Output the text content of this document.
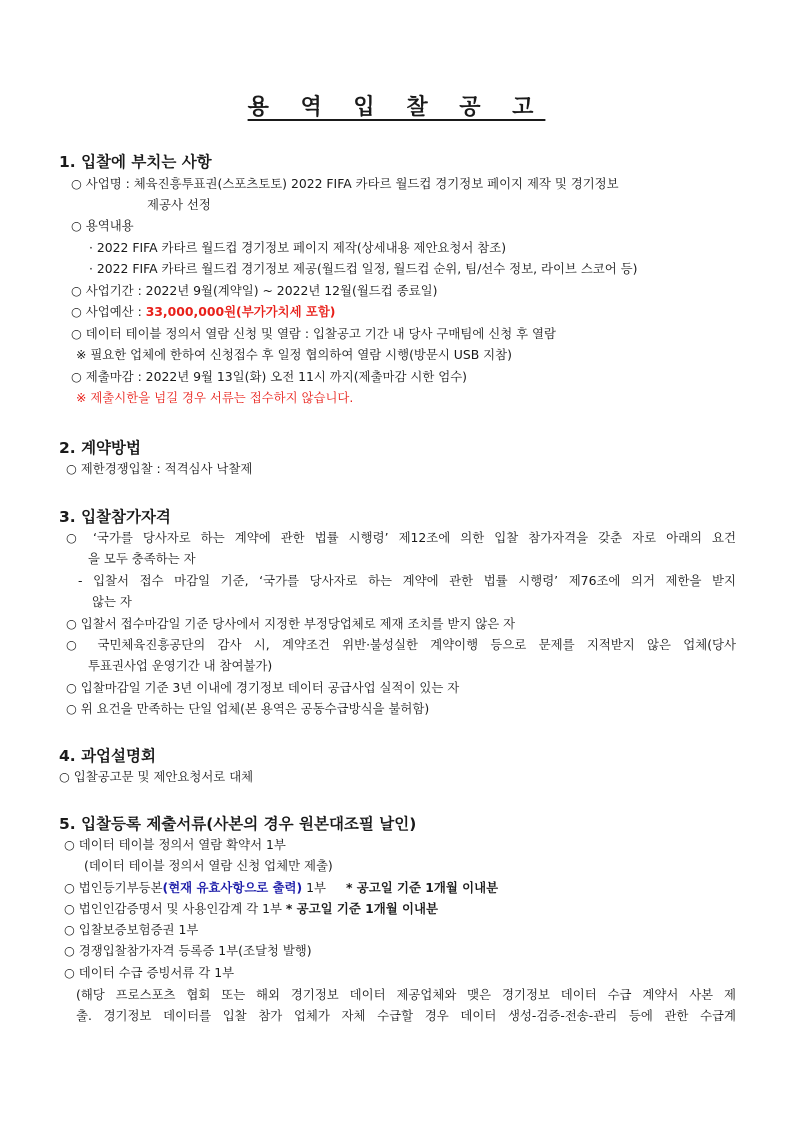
용 역 입 찰 공 고
1. 입찰에 부치는 사항
○ 사업명 : 체육진흥투표권(스포츠토토) 2022 FIFA 카타르 월드컵 경기정보 페이지 제작 및 경기정보
제공사 선정
○ 용역내용
· 2022 FIFA 카타르 월드컵 경기정보 페이지 제작(상세내용 제안요청서 참조)
· 2022 FIFA 카타르 월드컵 경기정보 제공(월드컵 일정, 월드컵 순위, 팀/선수 정보, 라이브 스코어 등)
○ 사업기간 : 2022년 9월(계약일) ~ 2022년 12월(월드컵 종료일)
○ 사업예산 : 33,000,000원(부가가치세 포함)
○ 데이터 테이블 정의서 열람 신청 및 열람 : 입찰공고 기간 내 당사 구매팀에 신청 후 열람
※ 필요한 업체에 한하여 신청접수 후 일정 협의하여 열람 시행(방문시 USB 지참)
○ 제출마감 : 2022년 9월 13일(화) 오전 11시 까지(제출마감 시한 엄수)
※ 제출시한을 넘길 경우 서류는 접수하지 않습니다.
2. 계약방법
○ 제한경쟁입찰 : 적격심사 낙찰제
3. 입찰참가자격
○ ‘국가를 당사자로 하는 계약에 관한 법률 시행령’ 제12조에 의한 입찰 참가자격을 갖춘 자로 아래의 요건
을 모두 충족하는 자
- 입찰서 접수 마감일 기준, ‘국가를 당사자로 하는 계약에 관한 법률 시행령’ 제76조에 의거 제한을 받지
않는 자
○ 입찰서 접수마감일 기준 당사에서 지정한 부정당업체로 제재 조치를 받지 않은 자
○ 국민체육진흥공단의 감사 시, 계약조건 위반·불성실한 계약이행 등으로 문제를 지적받지 않은 업체(당사
투표권사업 운영기간 내 참여불가)
○ 입찰마감일 기준 3년 이내에 경기정보 데이터 공급사업 실적이 있는 자
○ 위 요건을 만족하는 단일 업체(본 용역은 공동수급방식을 불허함)
4. 과업설명회
○ 입찰공고문 및 제안요청서로 대체
5. 입찰등록 제출서류(사본의 경우 원본대조필 날인)
○ 데이터 테이블 정의서 열람 확약서 1부
(데이터 테이블 정의서 열람 신청 업체만 제출)
○ 법인등기부등본(현재 유효사항으로 출력) 1부 * 공고일 기준 1개월 이내분
○ 법인인감증명서 및 사용인감계 각 1부 * 공고일 기준 1개월 이내분
○ 입찰보증보험증권 1부
○ 경쟁입찰참가자격 등록증 1부(조달청 발행)
○ 데이터 수급 증빙서류 각 1부
(해당 프로스포츠 협회 또는 해외 경기정보 데이터 제공업체와 맺은 경기정보 데이터 수급 계약서 사본 제
출. 경기정보 데이터를 입찰 참가 업체가 자체 수급할 경우 데이터 생성-검증-전송-관리 등에 관한 수급계
